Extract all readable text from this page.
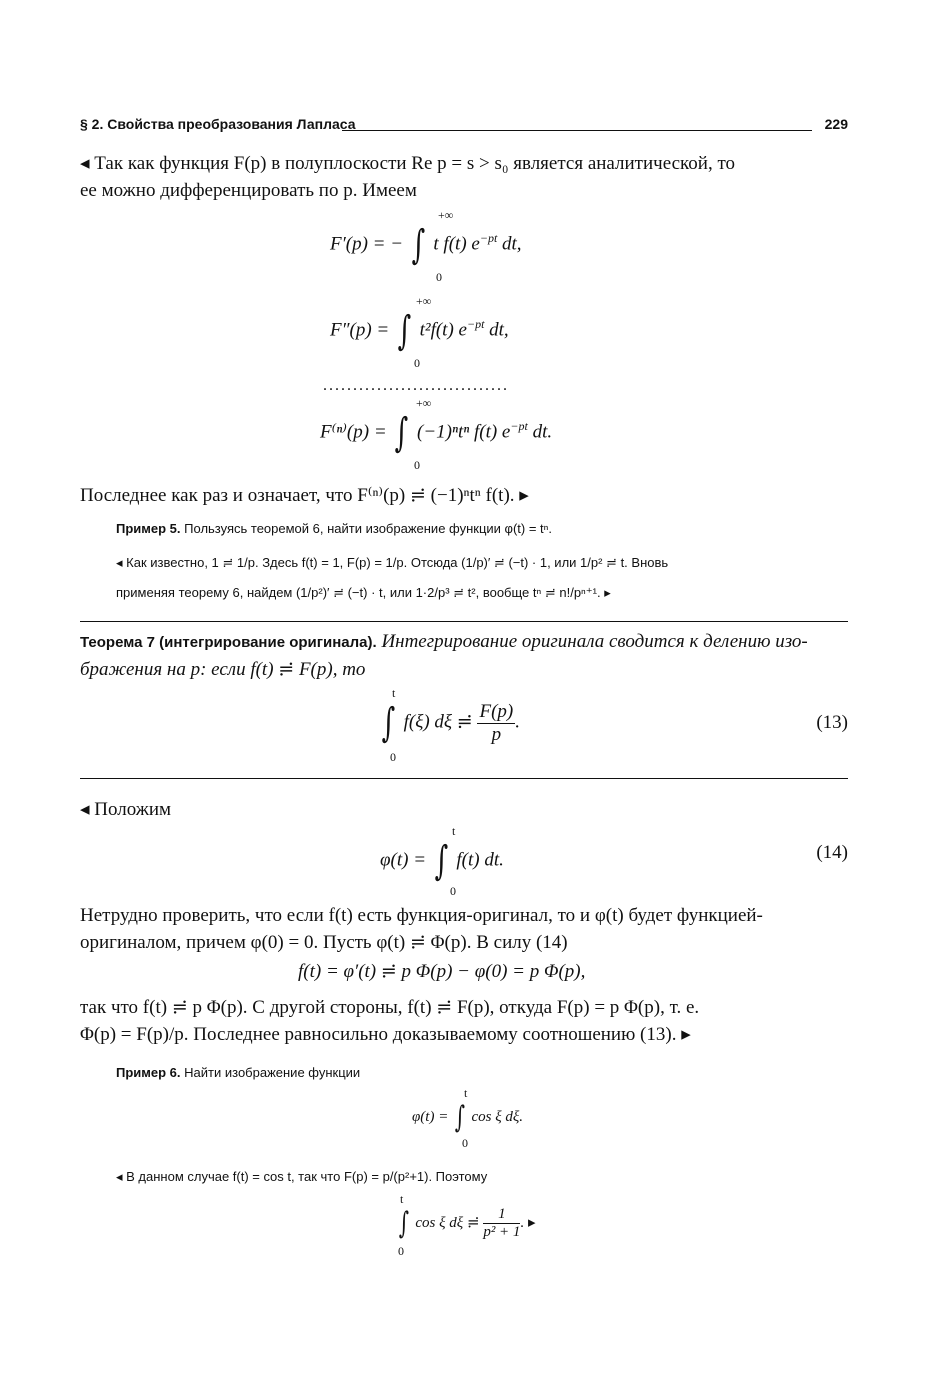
§ 2. Свойства преобразования Лапласа	229
◂ Так как функция F(p) в полуплоскости Re p = s > s₀ является аналитической, то
ее можно дифференцировать по p. Имеем
+∞
F′(p) = − ∫ t f(t) $e^{-pt}$ dt,
0
+∞
F″(p) = ∫ t²f(t) $e^{-pt}$ dt,
0
...............................
+∞
F⁽ⁿ⁾(p) = ∫ (−1)ⁿtⁿ f(t) $e^{-pt}$ dt.
0
Последнее как раз и означает, что F⁽ⁿ⁾(p) ≓ (−1)ⁿtⁿ f(t). ▸
Пример 5. Пользуясь теоремой 6, найти изображение функции φ(t) = tⁿ.
◂ Как известно, 1 ≓ 1/p. Здесь f(t) = 1, F(p) = 1/p. Отсюда (1/p)′ ≓ (−t) · 1, или 1/p² ≓ t. Вновь
применяя теорему 6, найдем (1/p²)′ ≓ (−t) · t, или 1·2/p³ ≓ t², вообще tⁿ ≓ n!/pⁿ⁺¹. ▸
Теорема 7 (интегрирование оригинала). Интегрирование оригинала сводится к делению изо-
бражения на p: если f(t) ≓ F(p), то
t
∫ f(ξ) dξ ≓ $\frac{F(p)}{p}$ .
0
(13)
◂ Положим
t
φ(t) = ∫ f(t) dt.
0
(14)
Нетрудно проверить, что если f(t) есть функция-оригинал, то и φ(t) будет функцией-
оригиналом, причем φ(0) = 0. Пусть φ(t) ≓ Φ(p). В силу (14)
f(t) = φ′(t) ≓ p Φ(p) − φ(0) = p Φ(p),
так что f(t) ≓ p Φ(p). С другой стороны, f(t) ≓ F(p), откуда F(p) = p Φ(p), т. е.
Φ(p) = F(p)/p. Последнее равносильно доказываемому соотношению (13). ▸
Пример 6. Найти изображение функции
t
φ(t) = ∫ cos ξ dξ.
0
◂ В данном случае f(t) = cos t, так что F(p) = p/(p²+1). Поэтому
t
∫ cos ξ dξ ≓ $\frac{1}{\text{p² + 1}}$ . ▸
0
